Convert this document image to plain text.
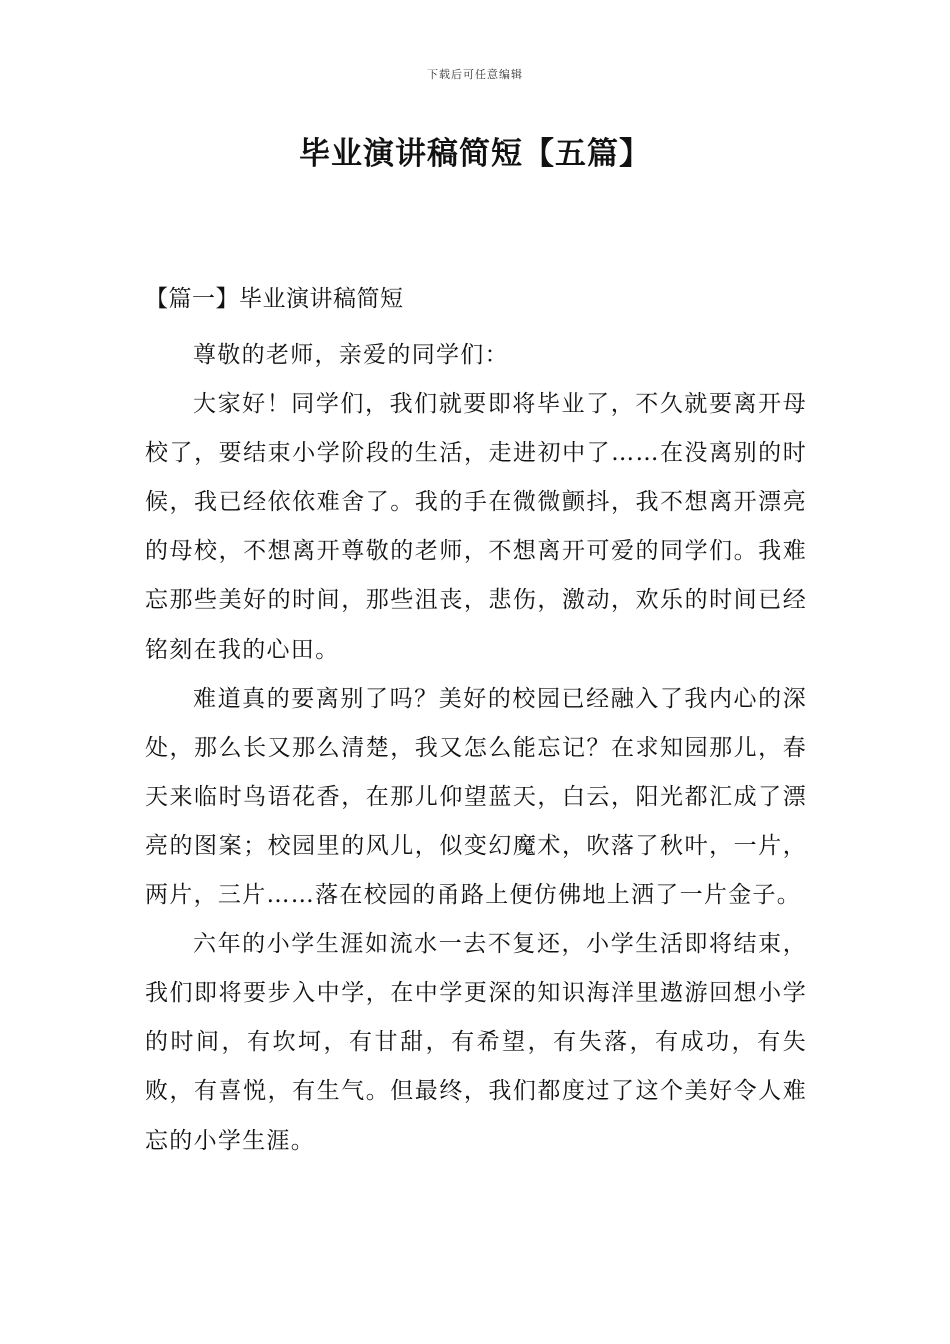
下载后可任意编辑
毕业演讲稿简短【五篇】
【篇一】毕业演讲稿简短

尊敬的老师，亲爱的同学们：

大家好！同学们，我们就要即将毕业了，不久就要离开母校了，要结束小学阶段的生活，走进初中了……在没离别的时候，我已经依依难舍了。我的手在微微颤抖，我不想离开漂亮的母校，不想离开尊敬的老师，不想离开可爱的同学们。我难忘那些美好的时间，那些沮丧，悲伤，激动，欢乐的时间已经铭刻在我的心田。

难道真的要离别了吗？美好的校园已经融入了我内心的深处，那么长又那么清楚，我又怎么能忘记？在求知园那儿，春天来临时鸟语花香，在那儿仰望蓝天，白云，阳光都汇成了漂亮的图案；校园里的风儿，似变幻魔术，吹落了秋叶，一片，两片，三片……落在校园的甬路上便仿佛地上洒了一片金子。

六年的小学生涯如流水一去不复还，小学生活即将结束，我们即将要步入中学，在中学更深的知识海洋里遨游回想小学的时间，有坎坷，有甘甜，有希望，有失落，有成功，有失败，有喜悦，有生气。但最终，我们都度过了这个美好令人难忘的小学生涯。
